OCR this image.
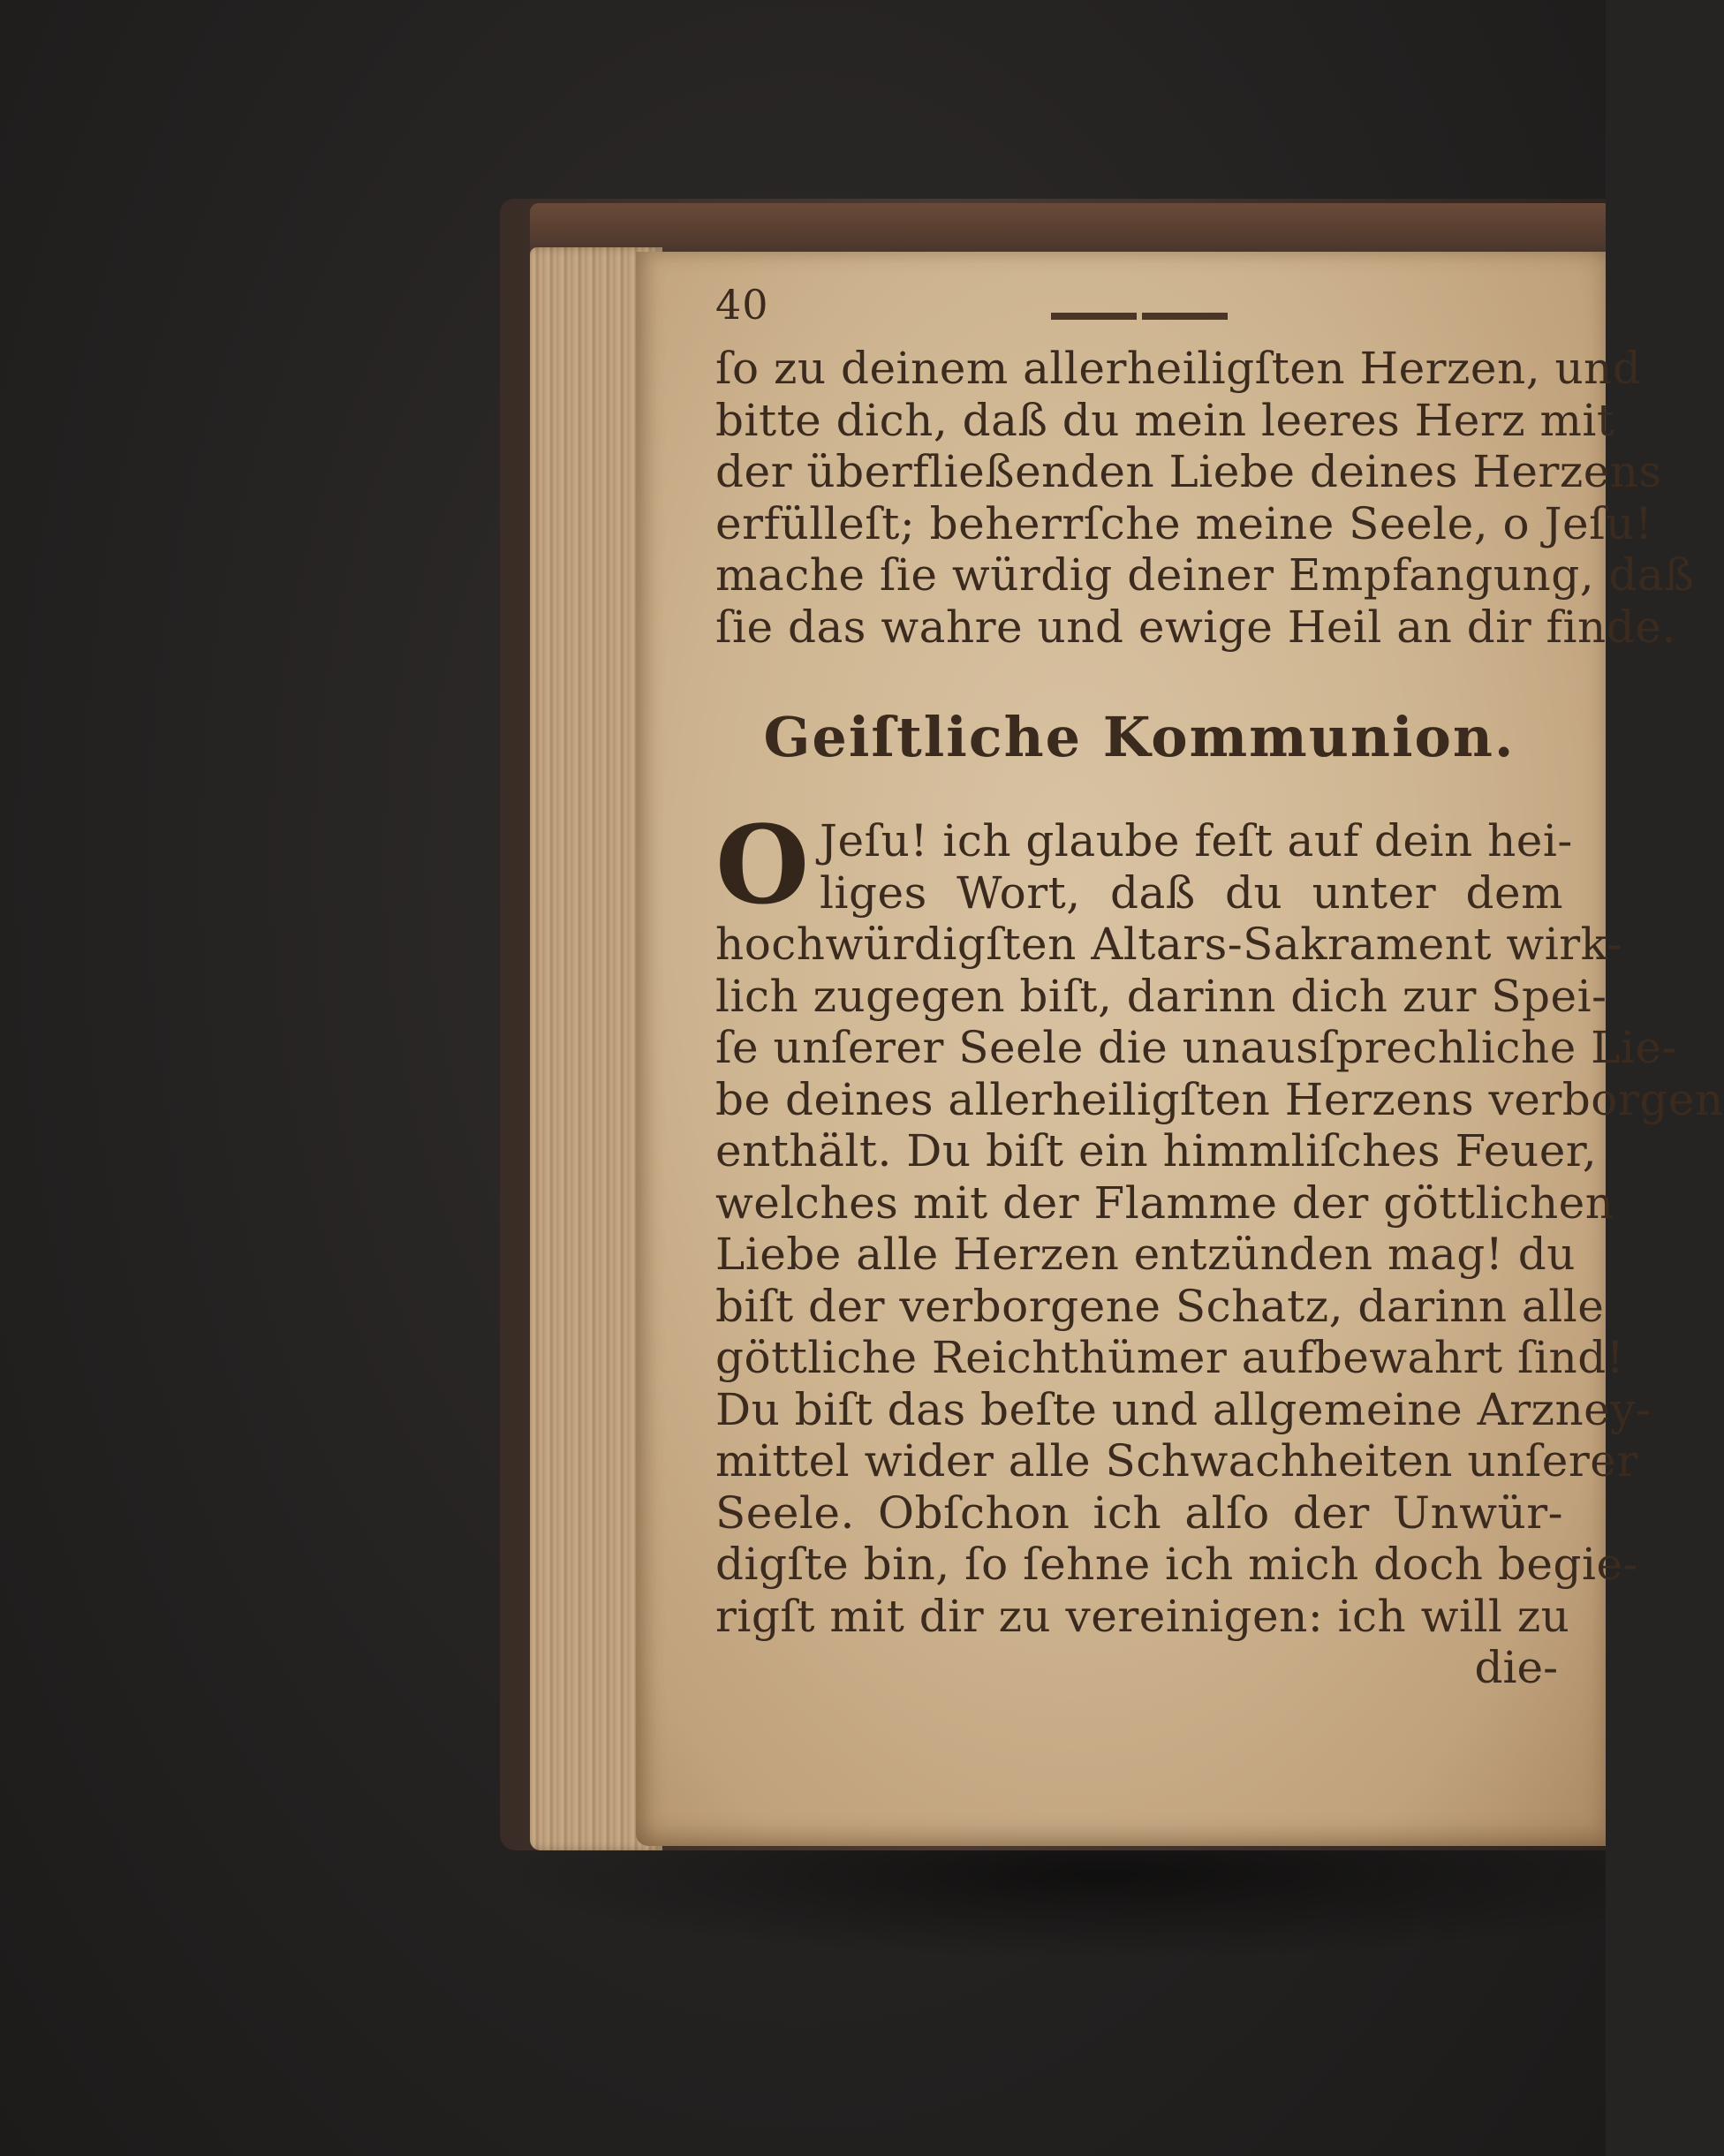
40
ſo zu deinem allerheiligſten Herzen, und
bitte dich, daß du mein leeres Herz mit
der überfließenden Liebe deines Herzens
erfülleſt; beherrſche meine Seele, o Jeſu!
mache ſie würdig deiner Empfangung, daß
ſie das wahre und ewige Heil an dir finde.
Geiſtliche Kommunion.
O Jeſu! ich glaube feſt auf dein hei-
liges Wort, daß du unter dem
hochwürdigſten Altars-Sakrament wirk-
lich zugegen biſt, darinn dich zur Spei-
ſe unſerer Seele die unausſprechliche Lie-
be deines allerheiligſten Herzens verborgen
enthält. Du biſt ein himmliſches Feuer,
welches mit der Flamme der göttlichen
Liebe alle Herzen entzünden mag! du
biſt der verborgene Schatz, darinn alle
göttliche Reichthümer aufbewahrt ſind!
Du biſt das beſte und allgemeine Arzney-
mittel wider alle Schwachheiten unſerer
Seele. Obſchon ich alſo der Unwür-
digſte bin, ſo ſehne ich mich doch begie-
rigſt mit dir zu vereinigen: ich will zu
die-
